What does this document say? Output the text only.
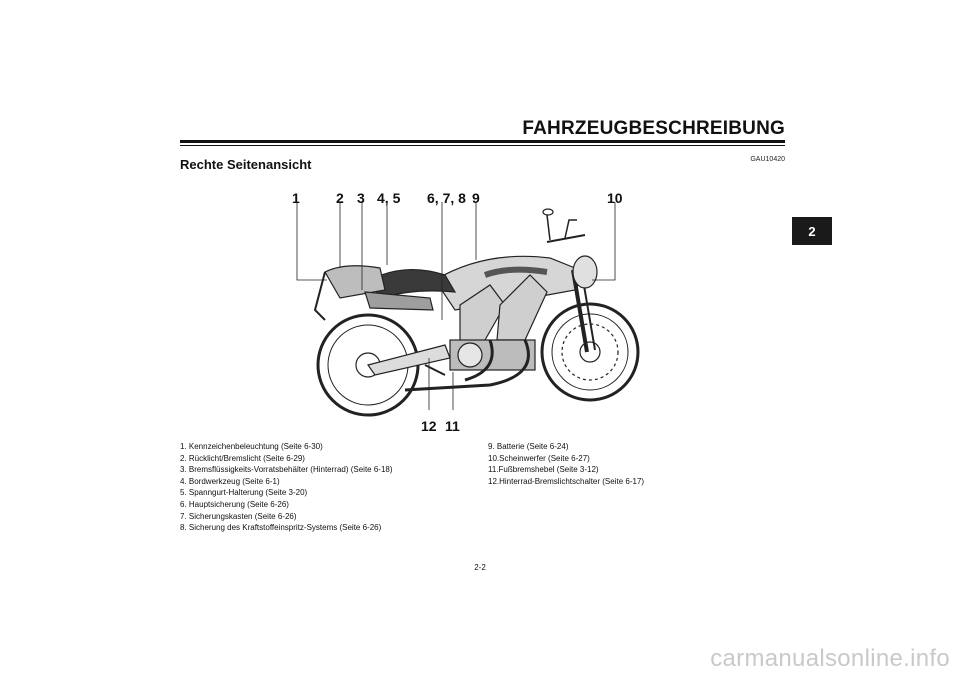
FAHRZEUGBESCHREIBUNG
GAU10420
Rechte Seitenansicht
2
1	2 3 4, 5 6, 7, 8 9	10
12 11
1. Kennzeichenbeleuchtung (Seite 6-30)
2. Rücklicht/Bremslicht (Seite 6-29)
3. Bremsflüssigkeits-Vorratsbehälter (Hinterrad) (Seite 6-18)
4. Bordwerkzeug (Seite 6-1)
5. Spanngurt-Halterung (Seite 3-20)
6. Hauptsicherung (Seite 6-26)
7. Sicherungskasten (Seite 6-26)
8. Sicherung des Kraftstoffeinspritz-Systems (Seite 6-26)
9. Batterie (Seite 6-24)
10.Scheinwerfer (Seite 6-27)
11.Fußbremshebel (Seite 3-12)
12.Hinterrad-Bremslichtschalter (Seite 6-17)
2-2
carmanualsonline.info
